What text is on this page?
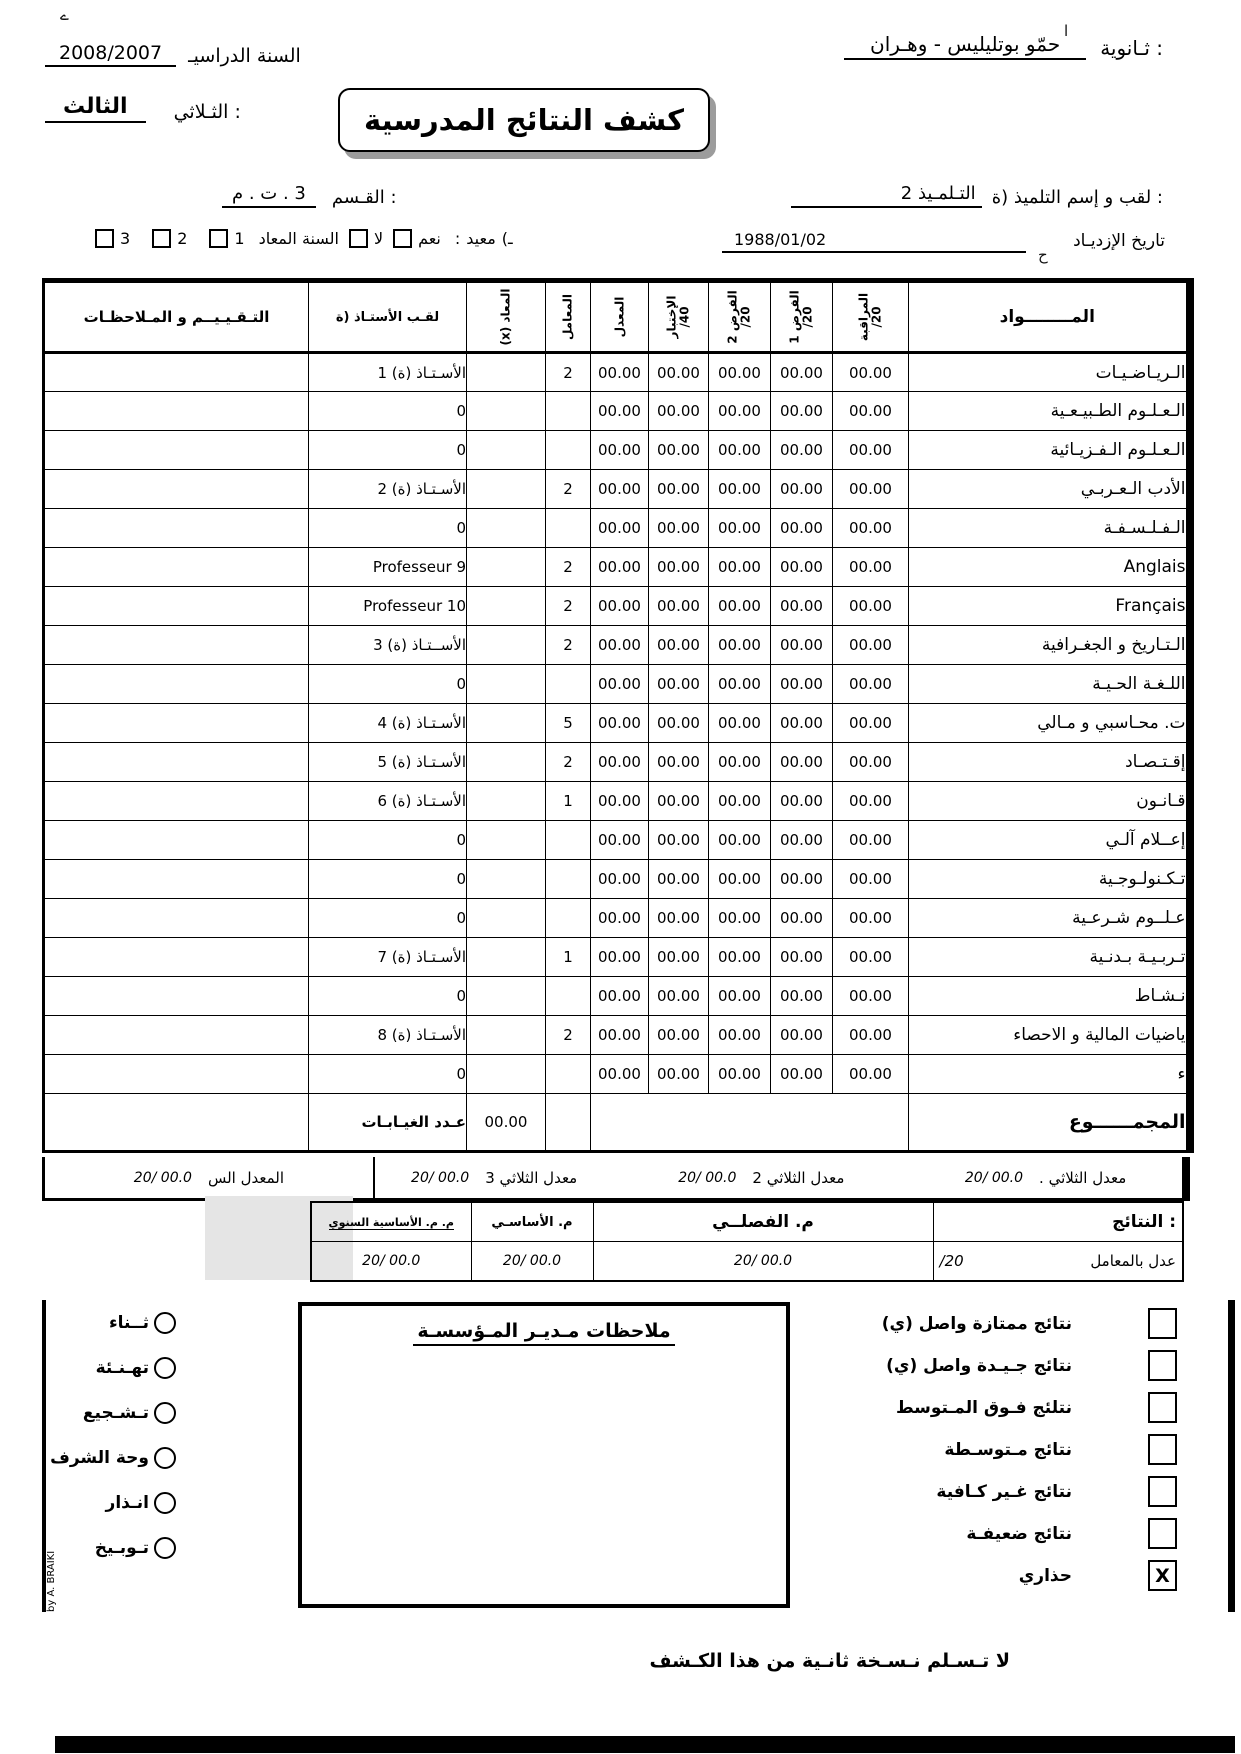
ے
ا
ح
: ثـانوية
حمّو بوتليليس - وهـران
السنة الدراسيـ
2008/2007
: الثـلاثي
الثالث	كشف النتائج المدرسية
: لقب و إسم التلميذ (ة
التـلمـيذ 2
: القـسم
3 . ت . م
تاريخ الإزديـاد
1988/01/02
3	2	1 السنة المعاد لا نعم : معيد (ـ
المــــــــواد	المراقبة 20/	الفرض 1 20/	الفرض 2 20/	الإختبار 40/	المعدل	المعامل	المعاد (x)	لقـب الأستـاذ (ة	التـقـيـيــم و المـلاحظـات
الـريـاضـيـات	00.00	00.00	00.00	00.00	00.00	2		الأسـتـاذ (ة) 1	
الـعـلـوم الطـبيـعـية	00.00	00.00	00.00	00.00	00.00			0	
الـعـلـوم الـفـزيـائية	00.00	00.00	00.00	00.00	00.00			0	
الأدب الـعـربـي	00.00	00.00	00.00	00.00	00.00	2		الأسـتـاذ (ة) 2	
الـفـلـسـفـة	00.00	00.00	00.00	00.00	00.00			0	
Anglais	00.00	00.00	00.00	00.00	00.00	2		Professeur 9	
Français	00.00	00.00	00.00	00.00	00.00	2		Professeur 10	
الـتـاريخ و الجغـرافية	00.00	00.00	00.00	00.00	00.00	2		الأســتـاذ (ة) 3	
اللـغـة الحـيـة	00.00	00.00	00.00	00.00	00.00			0	
ت. محـاسبي و مـالي	00.00	00.00	00.00	00.00	00.00	5		الأسـتـاذ (ة) 4	
إقـتـصـاد	00.00	00.00	00.00	00.00	00.00	2		الأسـتـاذ (ة) 5	
قـانـون	00.00	00.00	00.00	00.00	00.00	1		الأسـتـاذ (ة) 6	
إعــلام آلـي	00.00	00.00	00.00	00.00	00.00			0	
تـكـنولـوجـية	00.00	00.00	00.00	00.00	00.00			0	
عـلــوم شـرعـية	00.00	00.00	00.00	00.00	00.00			0	
تـربـيـة بـدنـية	00.00	00.00	00.00	00.00	00.00	1		الأسـتـاذ (ة) 7	
نـشـاط	00.00	00.00	00.00	00.00	00.00			0	
ياضيات المالية و الاحصاء	00.00	00.00	00.00	00.00	00.00	2		الأسـتـاذ (ة) 8	
ء	00.00	00.00	00.00	00.00	00.00			0	
المجمــــــوع							00.00	عـدد الغيـابـات	
معدل الثلاثي .
00.0 /20
معدل الثلاثي 2
00.0 /20
معدل الثلاثي 3
00.0 /20
المعدل الس
00.0 /20
: النتائج	م. الفصلــي	م. الأساسـي	م. م. الأساسية السنوي

عدل بالمعامل
20/	00.0 /20	00.0 /20	00.0 /20
ملاحظات مـديـر المـؤسسـة	نتائج ممتازة واصل (ي)
نتائج جـيـدة واصل (ي)
نتلئج فـوق المـتوسط
نتائج مـتوسـطة
نتائج غـير كـافية
نتائج ضعيفـة
حذاري	X
ثــناء
تهـنـئة
تـشـجيع
وحة الشرف
انـذار
تـوبـيخ
by A. BRAIKI
لا تـسـلم نـسـخة ثانـية من هذا الكـشف
